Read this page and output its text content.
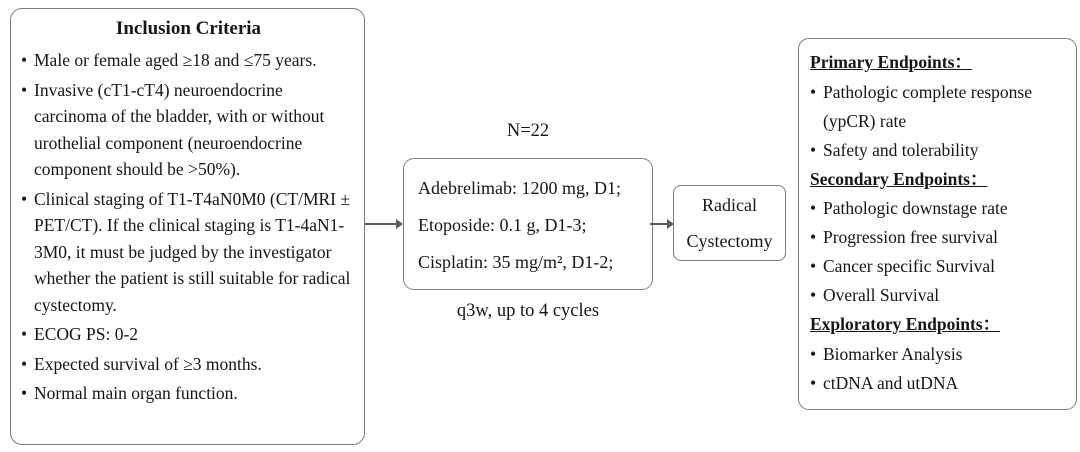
Inclusion Criteria
• Male or female aged ≥18 and ≤75 years.
• Invasive (cT1-cT4) neuroendocrine carcinoma of the bladder, with or without urothelial component (neuroendocrine component should be >50%).
• Clinical staging of T1-T4aN0M0 (CT/MRI ± PET/CT). If the clinical staging is T1-4aN1-3M0, it must be judged by the investigator whether the patient is still suitable for radical cystectomy.
• ECOG PS: 0-2
• Expected survival of ≥3 months.
• Normal main organ function.
N=22

Adebrelimab: 1200 mg, D1;

Etoposide: 0.1 g, D1-3;

Cisplatin: 35 mg/m², D1-2;

q3w, up to 4 cycles
Radical Cystectomy
Primary Endpoints：
• Pathologic complete response (ypCR) rate
• Safety and tolerability
Secondary Endpoints：
• Pathologic downstage rate
• Progression free survival
• Cancer specific Survival
• Overall Survival
Exploratory Endpoints：
• Biomarker Analysis
• ctDNA and utDNA
